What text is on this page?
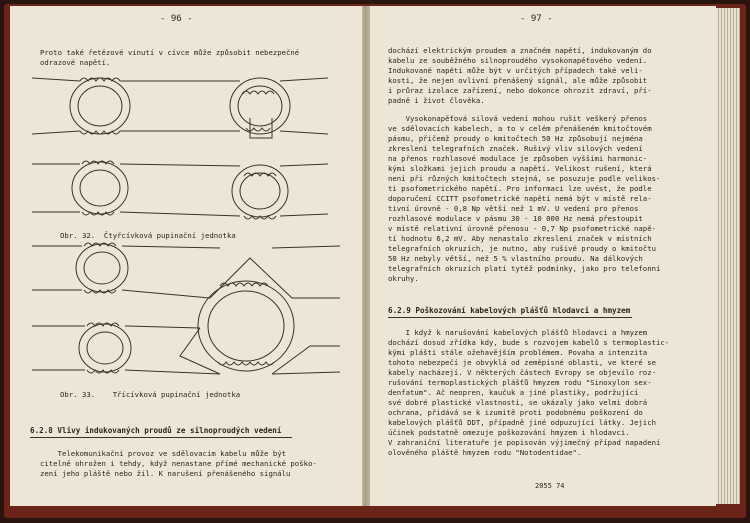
- 96 -
Proto také řetězové vinutí v cívce může způsobit nebezpečné
odrazové napětí.
Obr. 32.  Čtyřcívková pupinační jednotka
Obr. 33.    Třícívková pupinační jednotka
6.2.8 Vlivy indukovaných proudů ze silnoproudých vedení
Telekomunikační provoz ve sdělovacím kabelu může být
citelně ohrožen i tehdy, když nenastane přímé mechanické poško-
zení jeho pláště nebo žil. K narušení přenášeného signálu
- 97 -
dochází elektrickým proudem a značném napětí, indukovaným do
kabelu ze souběžného silnoproudého vysokonapěťového vedení.
Indukované napětí může být v určitých případech také veli-
kosti, že nejen ovlivní přenášený signál, ale může způsobit
i průraz izolace zařízení, nebo dokonce ohrozit zdraví, pří-
padně i život člověka.
Vysokonapěťová silová vedení mohou rušit veškerý přenos
ve sdělovacích kabelech, a to v celém přenášeném kmitočtovém
pásmu, přičemž proudy o kmitočtech 50 Hz způsobují nejména
zkreslení telegrafních značek. Rušivý vliv silových vedení
na přenos rozhlasové modulace je způsoben vyššími harmonic-
kými složkami jejich proudu a napětí. Velikost rušení, která
není při různých kmitočtech stejná, se posuzuje podle velikos-
ti psofometrického napětí. Pro informaci lze uvést, že podle
doporučení CCITT psofometrické napětí nemá být v místě rela-
tivní úrovně - 0,8 Np větší než 1 mV. U vedení pro přenos
rozhlasové modulace v pásmu 30 - 10 000 Hz nemá přestoupit
v místě relativní úrovně přenosu - 0,7 Np psofometrické napě-
tí hodnotu 6,2 mV. Aby nenastalo zkreslení značek v místních
telegrafních okruzích, je nutno, aby rušivé proudy o kmitočtu
50 Hz nebyly větší, než 5 % vlastního proudu. Na dálkových
telegrafních okruzích platí tytéž podmínky, jako pro telefonní
okruhy.
6.2.9 Poškozování kabelových plášťů hlodavci a hmyzem
I když k narušování kabelových plášťů hlodavci a hmyzem
dochází dosud zřídka kdy, bude s rozvojem kabelů s termoplastic-
kými plášti stále ožehavějším problémem. Povaha a intenzita
tohoto nebezpečí je obvyklá od zeměpisné oblasti, ve které se
kabely nacházejí. V některých částech Evropy se objevilo roz-
rušování termoplastických plášťů hmyzem rodu "Sinoxylon sex-
denfatum". Ač neopren, kaučuk a jiné plastiky, podržující
své dobré plastické vlastnosti, se ukázaly jako velmi dobrá
ochrana, přidává se k izumitě proti podobnému poškození do
kabelových plášťů DDT, případně jiné odpuzující látky. Jejich
účinek podstatně omezuje poškozování hmyzem i hlodavci.
V zahraniční literatuře je popisován výjimečný případ napadení
olověného pláště hmyzem rodu "Notodentidae".
2055 74
